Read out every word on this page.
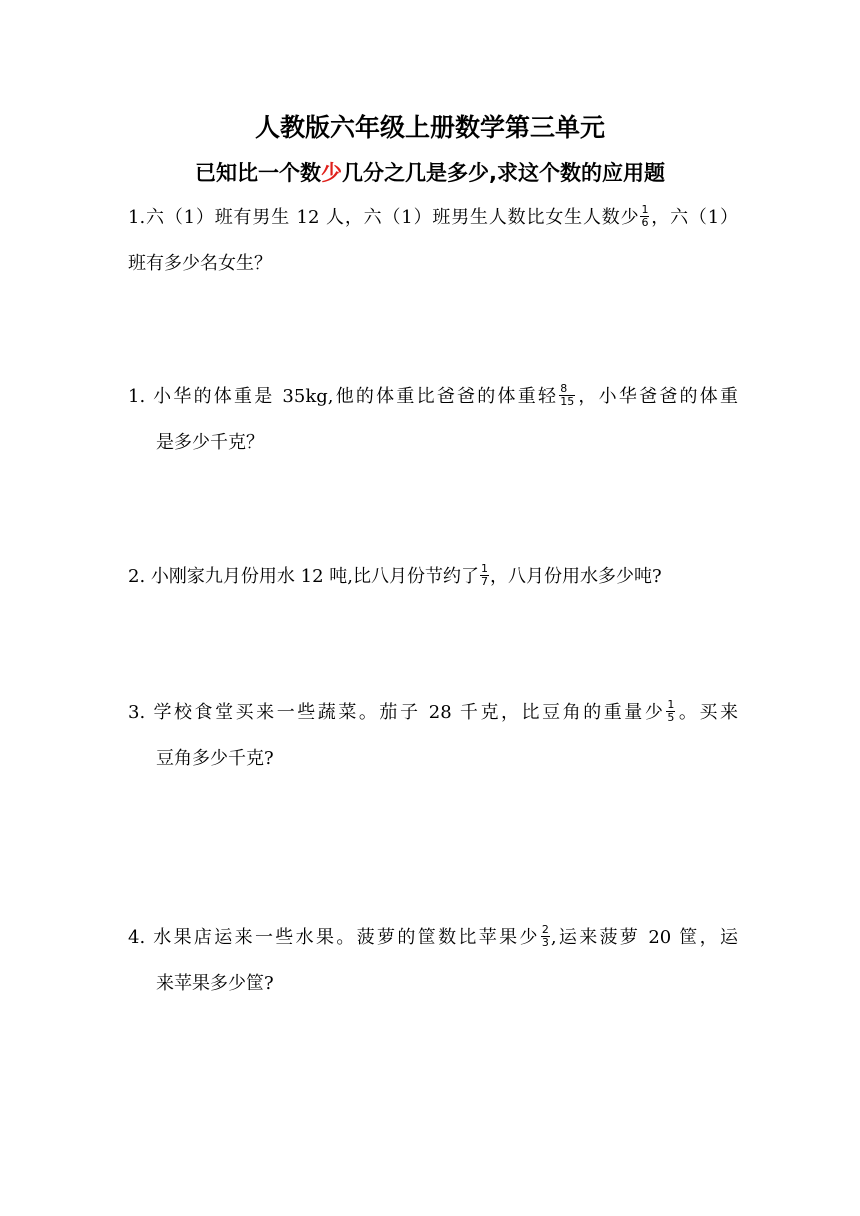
人教版六年级上册数学第三单元
已知比一个数少几分之几是多少,求这个数的应用题
1.六（1）班有男生 12 人，六（1）班男生人数比女生人数少 $\frac{1}{6}$ ，六（1）
班有多少名女生？
1. 小华的体重是 35kg,他的体重比爸爸的体重轻 $\frac{8}{15}$ ，小华爸爸的体重
是多少千克？
2. 小刚家九月份用水 12 吨,比八月份节约了 $\frac{1}{7}$ ，八月份用水多少吨?
3. 学校食堂买来一些蔬菜。茄子 28 千克，比豆角的重量少 $\frac{1}{5}$ 。买来
豆角多少千克?
4. 水果店运来一些水果。菠萝的筐数比苹果少 $\frac{2}{3}$ ,运来菠萝 20 筐，运
来苹果多少筐?
